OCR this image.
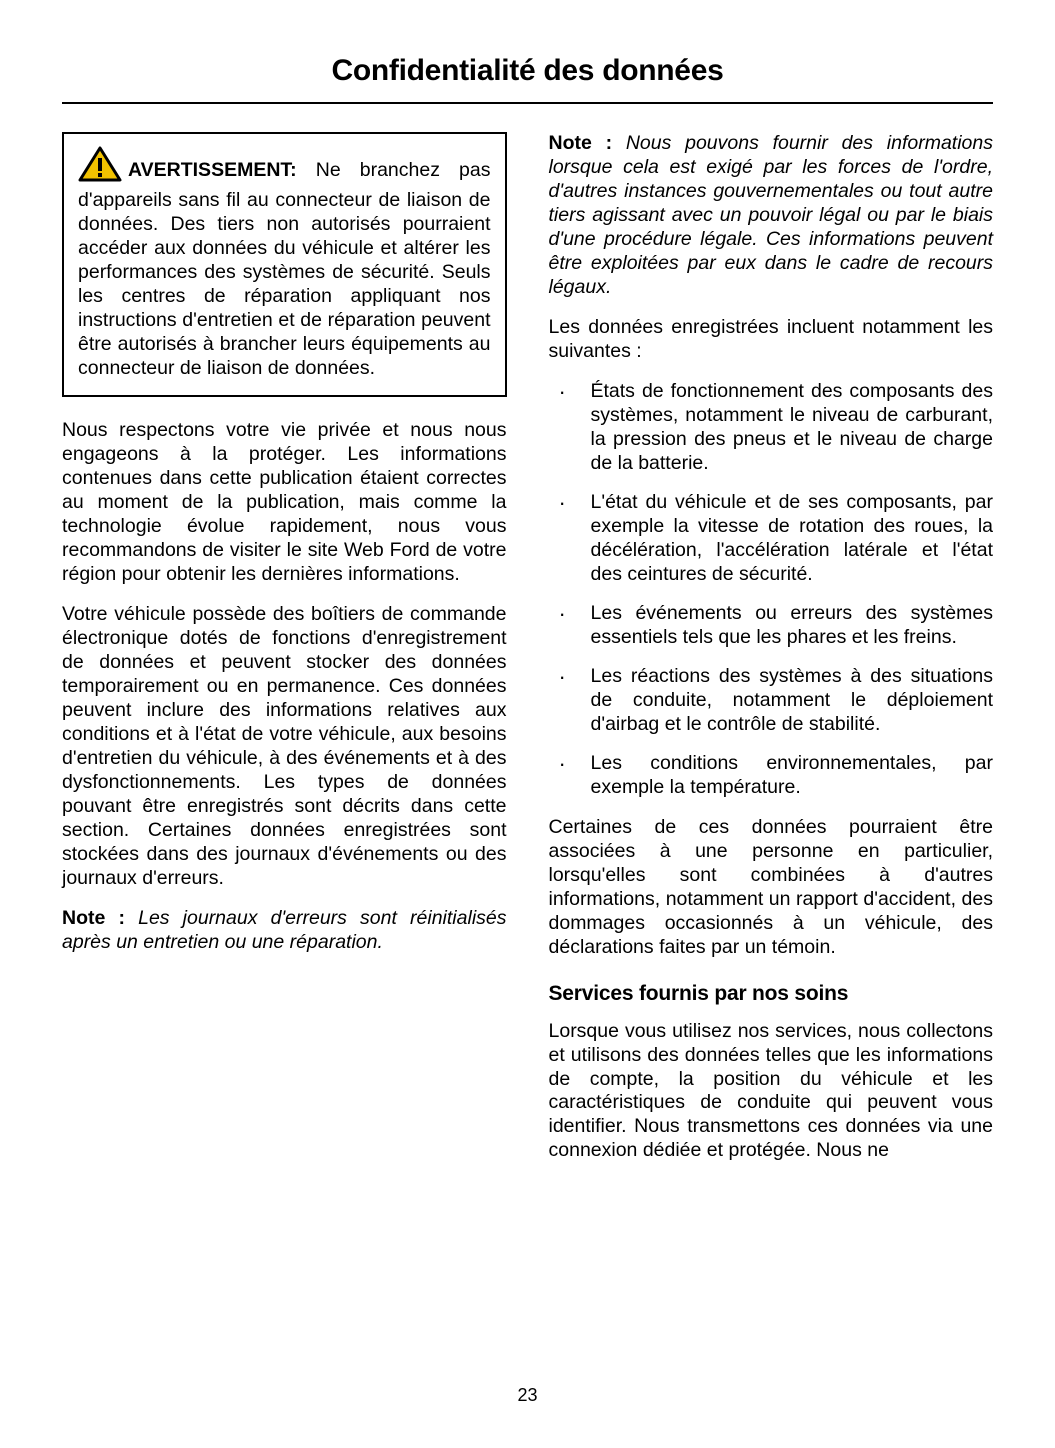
Confidentialité des données

AVERTISSEMENT: Ne branchez pas d'appareils sans fil au connecteur de liaison de données. Des tiers non autorisés pourraient accéder aux données du véhicule et altérer les performances des systèmes de sécurité. Seuls les centres de réparation appliquant nos instructions d'entretien et de réparation peuvent être autorisés à brancher leurs équipements au connecteur de liaison de données.

Nous respectons votre vie privée et nous nous engageons à la protéger. Les informations contenues dans cette publication étaient correctes au moment de la publication, mais comme la technologie évolue rapidement, nous vous recommandons de visiter le site Web Ford de votre région pour obtenir les dernières informations.

Votre véhicule possède des boîtiers de commande électronique dotés de fonctions d'enregistrement de données et peuvent stocker des données temporairement ou en permanence. Ces données peuvent inclure des informations relatives aux conditions et à l'état de votre véhicule, aux besoins d'entretien du véhicule, à des événements et à des dysfonctionnements. Les types de données pouvant être enregistrés sont décrits dans cette section. Certaines données enregistrées sont stockées dans des journaux d'événements ou des journaux d'erreurs.

Note : Les journaux d'erreurs sont réinitialisés après un entretien ou une réparation.

Note : Nous pouvons fournir des informations lorsque cela est exigé par les forces de l'ordre, d'autres instances gouvernementales ou tout autre tiers agissant avec un pouvoir légal ou par le biais d'une procédure légale. Ces informations peuvent être exploitées par eux dans le cadre de recours légaux.

Les données enregistrées incluent notamment les suivantes :

· États de fonctionnement des composants des systèmes, notamment le niveau de carburant, la pression des pneus et le niveau de charge de la batterie.
· L'état du véhicule et de ses composants, par exemple la vitesse de rotation des roues, la décélération, l'accélération latérale et l'état des ceintures de sécurité.
· Les événements ou erreurs des systèmes essentiels tels que les phares et les freins.
· Les réactions des systèmes à des situations de conduite, notamment le déploiement d'airbag et le contrôle de stabilité.
· Les conditions environnementales, par exemple la température.

Certaines de ces données pourraient être associées à une personne en particulier, lorsqu'elles sont combinées à d'autres informations, notamment un rapport d'accident, des dommages occasionnés à un véhicule, des déclarations faites par un témoin.

Services fournis par nos soins

Lorsque vous utilisez nos services, nous collectons et utilisons des données telles que les informations de compte, la position du véhicule et les caractéristiques de conduite qui peuvent vous identifier. Nous transmettons ces données via une connexion dédiée et protégée. Nous ne

23
